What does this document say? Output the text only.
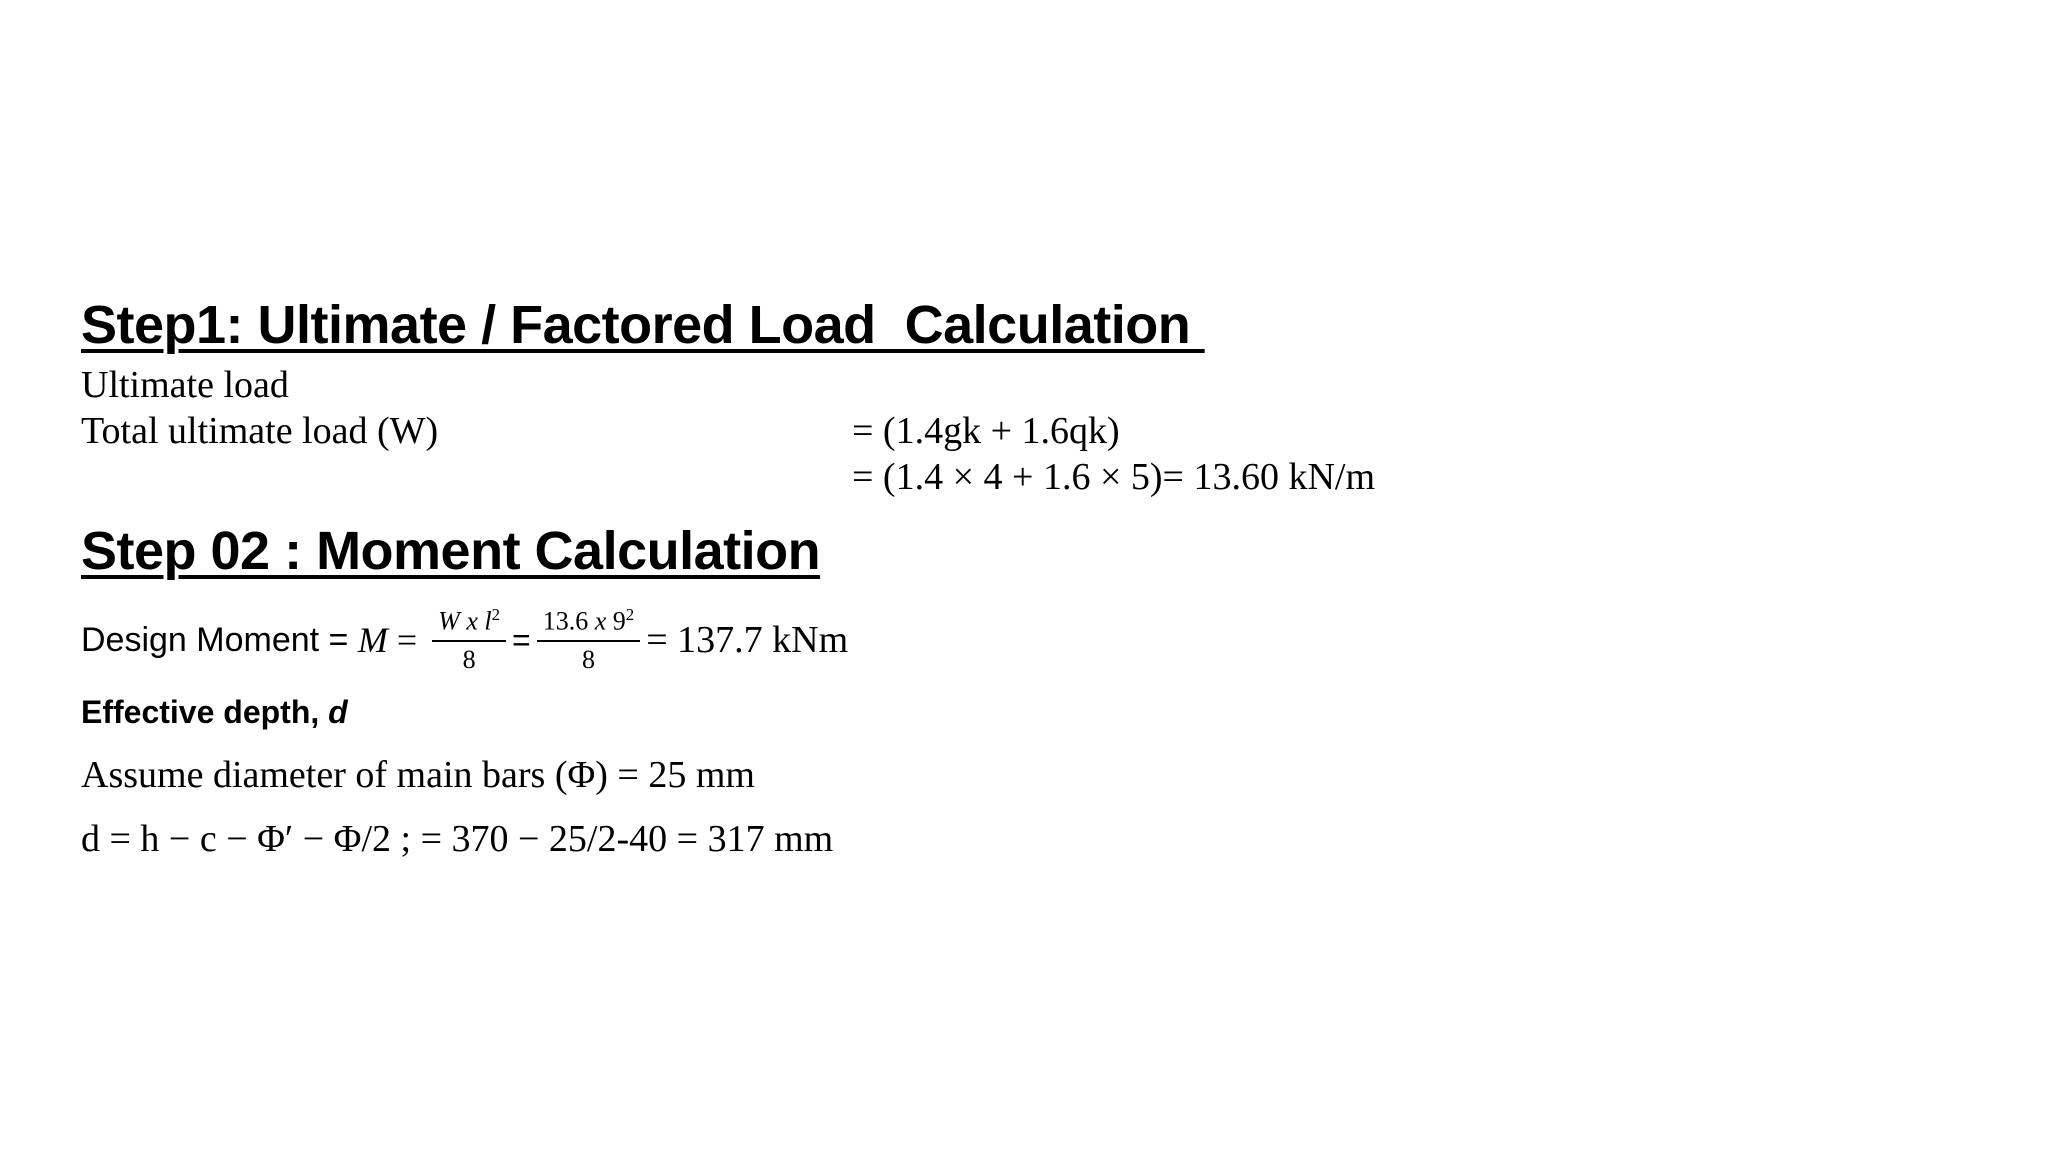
Step1: Ultimate / Factored Load  Calculation
Ultimate load
Total ultimate load (W)	= (1.4gk + 1.6qk)
= (1.4 × 4 + 1.6 × 5)= 13.60 kN/m
Step 02 : Moment Calculation
Design Moment = $M = \frac{W x l^2}{8} = \frac{13.6 x 9^2}{8} = 137.7$ kNm
Effective depth, d
Assume diameter of main bars (Φ) = 25 mm
d = h − c − Φ′ − Φ/2 ; = 370 − 25/2-40 = 317 mm
